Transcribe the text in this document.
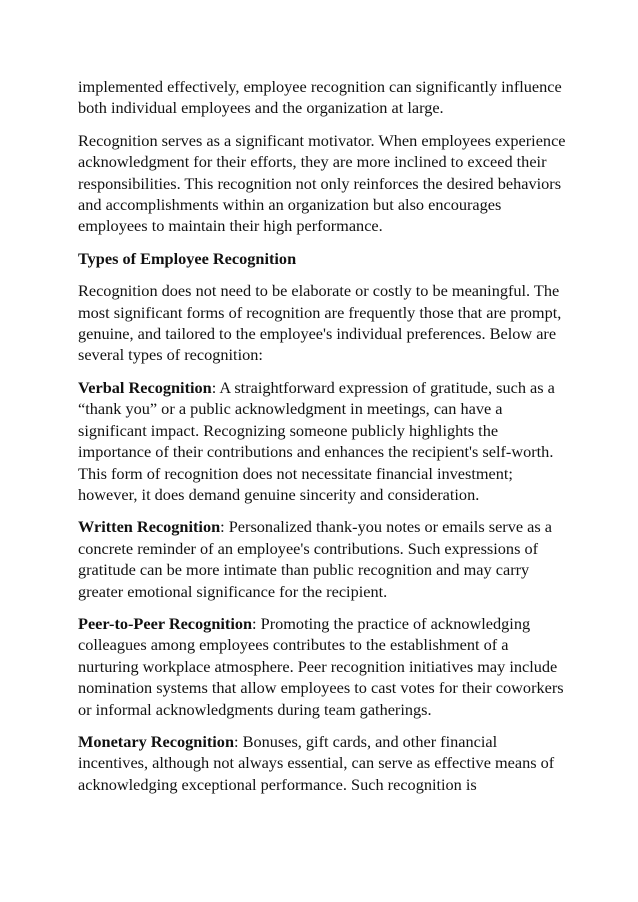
implemented effectively, employee recognition can significantly influence both individual employees and the organization at large.

Recognition serves as a significant motivator. When employees experience acknowledgment for their efforts, they are more inclined to exceed their responsibilities. This recognition not only reinforces the desired behaviors and accomplishments within an organization but also encourages employees to maintain their high performance.

Types of Employee Recognition

Recognition does not need to be elaborate or costly to be meaningful. The most significant forms of recognition are frequently those that are prompt, genuine, and tailored to the employee's individual preferences. Below are several types of recognition:

Verbal Recognition: A straightforward expression of gratitude, such as a “thank you” or a public acknowledgment in meetings, can have a significant impact. Recognizing someone publicly highlights the importance of their contributions and enhances the recipient's self-worth. This form of recognition does not necessitate financial investment; however, it does demand genuine sincerity and consideration.

Written Recognition: Personalized thank-you notes or emails serve as a concrete reminder of an employee's contributions. Such expressions of gratitude can be more intimate than public recognition and may carry greater emotional significance for the recipient.

Peer-to-Peer Recognition: Promoting the practice of acknowledging colleagues among employees contributes to the establishment of a nurturing workplace atmosphere. Peer recognition initiatives may include nomination systems that allow employees to cast votes for their coworkers or informal acknowledgments during team gatherings.

Monetary Recognition: Bonuses, gift cards, and other financial incentives, although not always essential, can serve as effective means of acknowledging exceptional performance. Such recognition is
